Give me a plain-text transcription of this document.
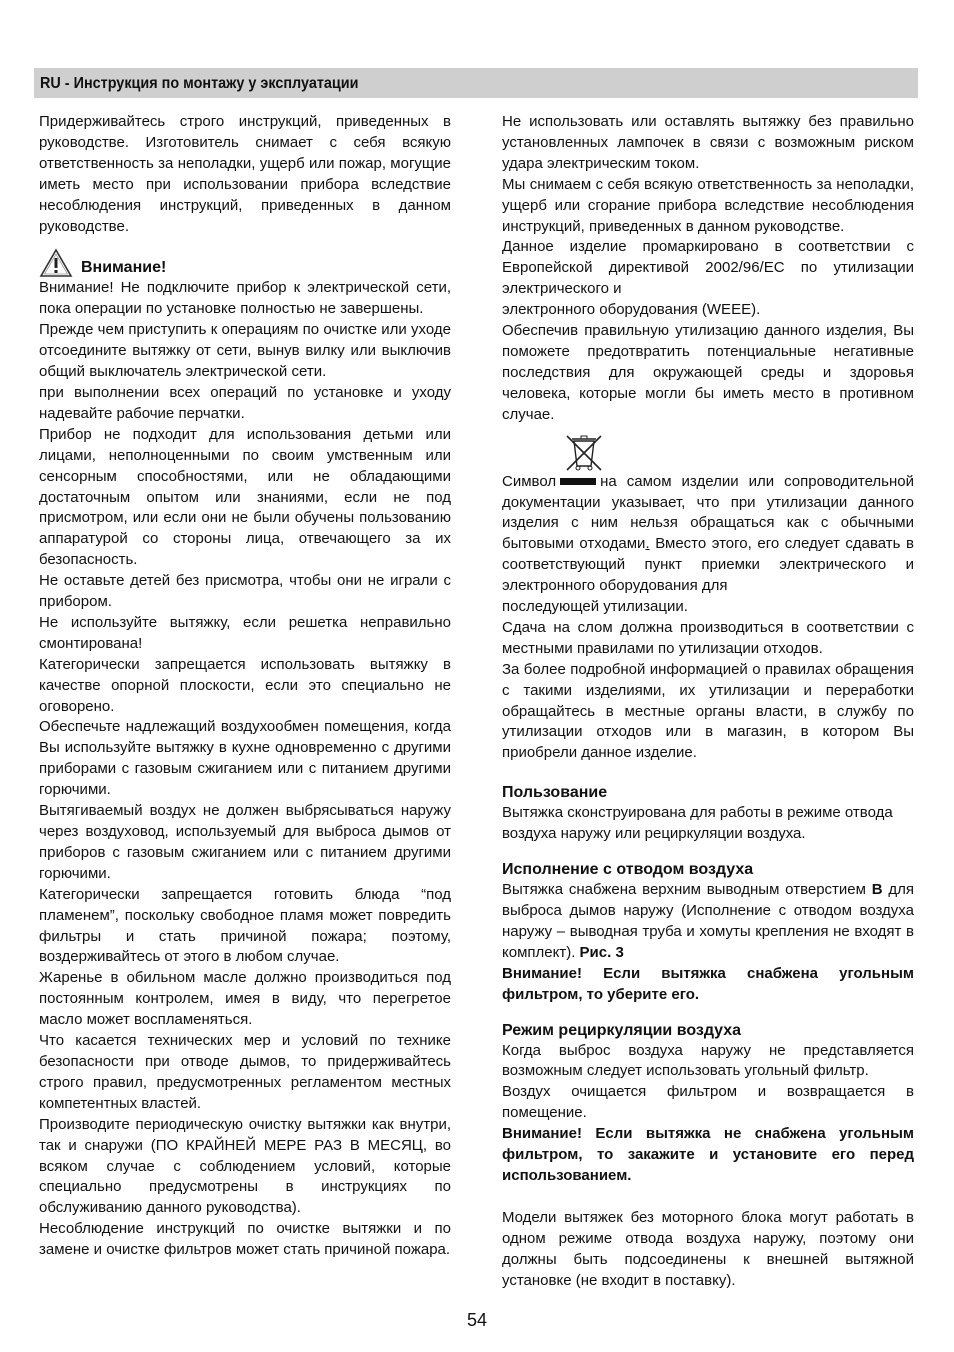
RU - Инструкция по монтажу у эксплуатации

Придерживайтесь строго инструкций, приведенных в руководстве. Изготовитель снимает с себя всякую ответственность за неполадки, ущерб или пожар, могущие иметь место при использовании прибора вследствие несоблюдения инструкций, приведенных в данном руководстве.

Внимание!

Внимание! Не подключите прибор к электрической сети, пока операции по установке полностью не завершены.

Прежде чем приступить к операциям по очистке или уходе отсоедините вытяжку от сети, вынув вилку или выключив общий выключатель электрической сети.

при выполнении всех операций по установке и уходу надевайте рабочие перчатки.

Прибор не подходит для использования детьми или лицами, неполноценными по своим умственным или сенсорным способностями, или не обладающими достаточным опытом или знаниями, если не под присмотром, или если они не были обучены пользованию аппаратурой со стороны лица, отвечающего за их безопасность.

Не оставьте детей без присмотра, чтобы они не играли с прибором.

Не используйте вытяжку, если решетка неправильно смонтирована!

Категорически запрещается использовать вытяжку в качестве опорной плоскости, если это специально не оговорено.

Обеспечьте надлежащий воздухообмен помещения, когда Вы используйте вытяжку в кухне одновременно с другими приборами с газовым сжиганием или с питанием другими горючими.

Вытягиваемый воздух не должен выбрясываться наружу через воздуховод, используемый для выброса дымов от приборов с газовым сжиганием или с питанием другими горючими.

Категорически запрещается готовить блюда “под пламенем”, поскольку свободное пламя может повредить фильтры и стать причиной пожара; поэтому, воздерживайтесь от этого в любом случае.

Жаренье в обильном масле должно производиться под постоянным контролем, имея в виду, что перегретое масло может воспламеняться.

Что касается технических мер и условий по технике безопасности при отводе дымов, то придерживайтесь строго правил, предусмотренных регламентом местных компетентных властей.

Производите периодическую очистку вытяжки как внутри, так и снаружи (ПО КРАЙНЕЙ МЕРЕ РАЗ В МЕСЯЦ, во всяком случае с соблюдением условий, которые специально предусмотрены в инструкциях по обслуживанию данного руководства).

Несоблюдение инструкций по очистке вытяжки и по замене и очистке фильтров может стать причиной пожара.

Не использовать или оставлять вытяжку без правильно установленных лампочек в связи с возможным риском удара электрическим током.

Мы снимаем с себя всякую ответственность за неполадки, ущерб или сгорание прибора вследствие несоблюдения инструкций, приведенных в данном руководстве.

Данное изделие промаркировано в соответствии с Европейской директивой 2002/96/EC по утилизации электрического и

электронного оборудования (WEEE).

Обеспечив правильную утилизацию данного изделия, Вы поможете предотвратить потенциальные негативные последствия для окружающей среды и здоровья человека, которые могли бы иметь место в противном случае.

Символ	на самом изделии или сопроводительной документации указывает, что при утилизации данного изделия с ним нельзя обращаться как с обычными бытовыми отходами. Вместо этого, его следует сдавать в соответствующий пункт приемки электрического и электронного оборудования для

последующей утилизации.

Сдача на слом должна производиться в соответствии с местными правилами по утилизации отходов.

За более подробной информацией о правилах обращения с такими изделиями, их утилизации и переработки обращайтесь в местные органы власти, в службу по утилизации отходов или в магазин, в котором Вы приобрели данное изделие.

Пользование

Вытяжка сконструирована для работы в режиме отвода воздуха наружу или рециркуляции воздуха.

Исполнение с отводом воздуха

Вытяжка снабжена верхним выводным отверстием B для выброса дымов наружу (Исполнение с отводом воздуха наружу – выводная труба и хомуты крепления не входят в комплект). Рис. 3

Внимание! Если вытяжка снабжена угольным фильтром, то уберите его.

Режим рециркуляции воздуха

Когда выброс воздуха наружу не представляется возможным следует использовать угольный фильтр.

Воздух очищается фильтром и возвращается в помещение.

Внимание! Если вытяжка не снабжена угольным фильтром, то закажите и установите его перед использованием.

Модели вытяжек без моторного блока могут работать в одном режиме отвода воздуха наружу, поэтому они должны быть подсоединены к внешней вытяжной установке (не входит в поставку).

54
